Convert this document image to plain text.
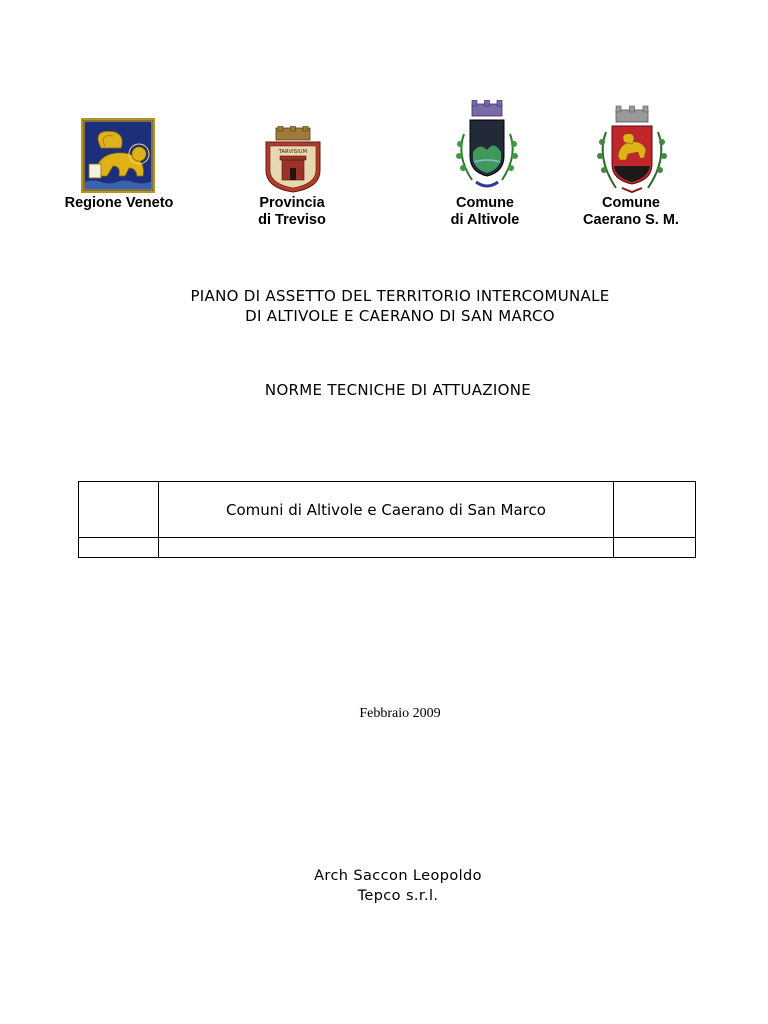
Regione Veneto
TARVISIUM
Provincia
di Treviso
Comune
di Altivole
Comune
Caerano S. M.
PIANO DI ASSETTO DEL TERRITORIO INTERCOMUNALE
DI ALTIVOLE E CAERANO DI SAN MARCO
NORME TECNICHE DI ATTUAZIONE
	Comuni di Altivole e Caerano di San Marco	

Febbraio 2009
Arch Saccon Leopoldo
Tepco s.r.l.
